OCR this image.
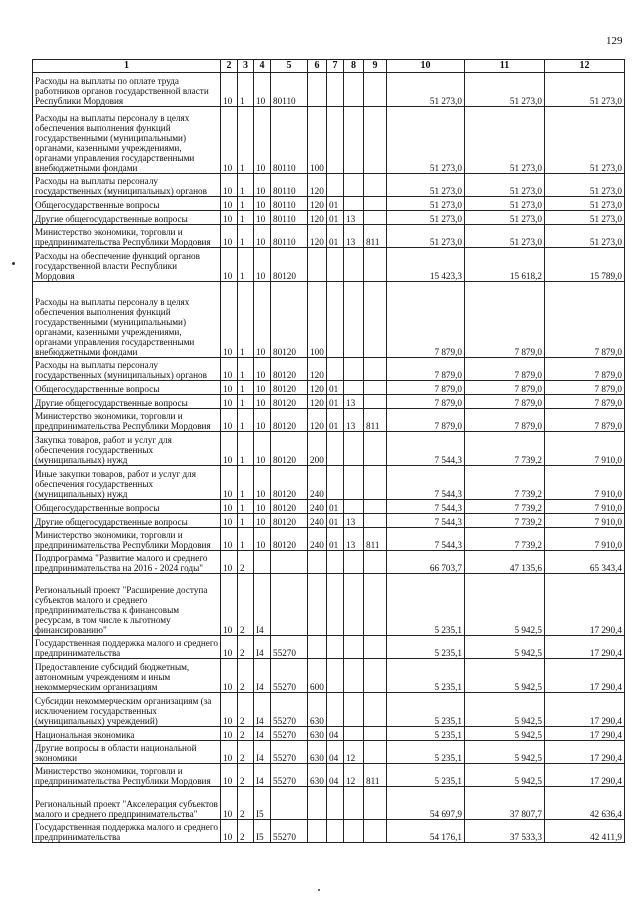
129
1	2	3	4	5	6	7	8	9	10	11	12
Расходы на выплаты по оплате труда работников органов государственной власти Республики Мордовия	10	1	10	80110					51 273,0	51 273,0	51 273,0
Расходы на выплаты персоналу в целях обеспечения выполнения функций государственными (муниципальными) органами, казенными учреждениями, органами управления государственными внебюджетными фондами	10	1	10	80110	100				51 273,0	51 273,0	51 273,0
Расходы на выплаты персоналу государственных (муниципальных) органов	10	1	10	80110	120				51 273,0	51 273,0	51 273,0
Общегосударственные вопросы	10	1	10	80110	120	01			51 273,0	51 273,0	51 273,0
Другие общегосударственные вопросы	10	1	10	80110	120	01	13		51 273,0	51 273,0	51 273,0
Министерство экономики, торговли и предпринимательства Республики Мордовия	10	1	10	80110	120	01	13	811	51 273,0	51 273,0	51 273,0
Расходы на обеспечение функций органов государственной власти Республики Мордовия	10	1	10	80120					15 423,3	15 618,2	15 789,0
Расходы на выплаты персоналу в целях обеспечения выполнения функций государственными (муниципальными) органами, казенными учреждениями, органами управления государственными внебюджетными фондами	10	1	10	80120	100				7 879,0	7 879,0	7 879,0
Расходы на выплаты персоналу государственных (муниципальных) органов	10	1	10	80120	120				7 879,0	7 879,0	7 879,0
Общегосударственные вопросы	10	1	10	80120	120	01			7 879,0	7 879,0	7 879,0
Другие общегосударственные вопросы	10	1	10	80120	120	01	13		7 879,0	7 879,0	7 879,0
Министерство экономики, торговли и предпринимательства Республики Мордовия	10	1	10	80120	120	01	13	811	7 879,0	7 879,0	7 879,0
Закупка товаров, работ и услуг для обеспечения государственных (муниципальных) нужд	10	1	10	80120	200				7 544,3	7 739,2	7 910,0
Иные закупки товаров, работ и услуг для обеспечения государственных (муниципальных) нужд	10	1	10	80120	240				7 544,3	7 739,2	7 910,0
Общегосударственные вопросы	10	1	10	80120	240	01			7 544,3	7 739,2	7 910,0
Другие общегосударственные вопросы	10	1	10	80120	240	01	13		7 544,3	7 739,2	7 910,0
Министерство экономики, торговли и предпринимательства Республики Мордовия	10	1	10	80120	240	01	13	811	7 544,3	7 739,2	7 910,0
Подпрограмма "Развитие малого и среднего предпринимательства на 2016 - 2024 годы"	10	2							66 703,7	47 135,6	65 343,4
Региональный проект "Расширение доступа субъектов малого и среднего предпринимательства к финансовым ресурсам, в том числе к льготному финансированию"	10	2	I4						5 235,1	5 942,5	17 290,4
Государственная поддержка малого и среднего предпринимательства	10	2	I4	55270					5 235,1	5 942,5	17 290,4
Предоставление субсидий бюджетным, автономным учреждениям и иным некоммерческим организациям	10	2	I4	55270	600				5 235,1	5 942,5	17 290,4
Субсидии некоммерческим организациям (за исключением государственных (муниципальных) учреждений)	10	2	I4	55270	630				5 235,1	5 942,5	17 290,4
Национальная экономика	10	2	I4	55270	630	04			5 235,1	5 942,5	17 290,4
Другие вопросы в области национальной экономики	10	2	I4	55270	630	04	12		5 235,1	5 942,5	17 290,4
Министерство экономики, торговли и предпринимательства Республики Мордовия	10	2	I4	55270	630	04	12	811	5 235,1	5 942,5	17 290,4
Региональный проект "Акселерация субъектов малого и среднего предпринимательства"	10	2	I5						54 697,9	37 807,7	42 636,4
Государственная поддержка малого и среднего предпринимательства	10	2	I5	55270					54 176,1	37 533,3	42 411,9
